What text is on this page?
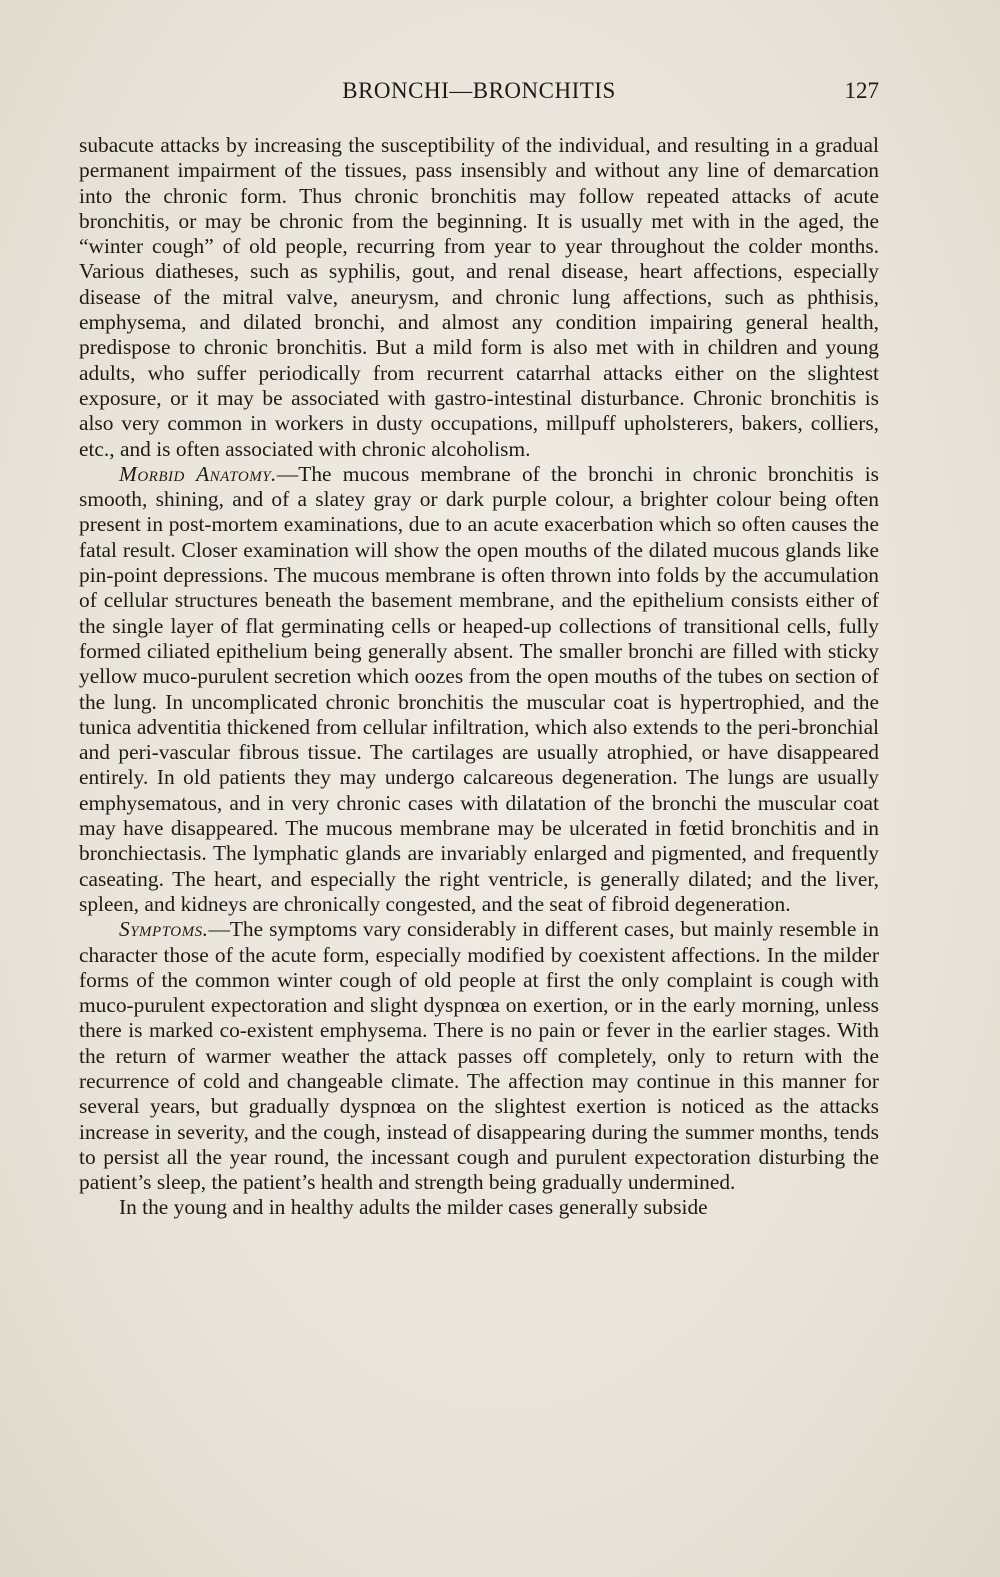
BRONCHI—BRONCHITIS	127

subacute attacks by increasing the susceptibility of the individual, and resulting in a gradual permanent impairment of the tissues, pass insensibly and without any line of demarcation into the chronic form. Thus chronic bronchitis may follow repeated attacks of acute bronchitis, or may be chronic from the beginning. It is usually met with in the aged, the “winter cough” of old people, recurring from year to year throughout the colder months. Various diatheses, such as syphilis, gout, and renal disease, heart affections, especially disease of the mitral valve, aneurysm, and chronic lung affections, such as phthisis, emphysema, and dilated bronchi, and almost any condition impairing general health, predispose to chronic bronchitis. But a mild form is also met with in children and young adults, who suffer periodically from recurrent catarrhal attacks either on the slightest exposure, or it may be associated with gastro-intestinal disturbance. Chronic bronchitis is also very common in workers in dusty occupations, millpuff upholsterers, bakers, colliers, etc., and is often associated with chronic alcoholism.

Morbid Anatomy.—The mucous membrane of the bronchi in chronic bronchitis is smooth, shining, and of a slatey gray or dark purple colour, a brighter colour being often present in post-mortem examinations, due to an acute exacerbation which so often causes the fatal result. Closer examination will show the open mouths of the dilated mucous glands like pin-point depressions. The mucous membrane is often thrown into folds by the accumulation of cellular structures beneath the basement membrane, and the epithelium consists either of the single layer of flat germinating cells or heaped-up collections of transitional cells, fully formed ciliated epithelium being generally absent. The smaller bronchi are filled with sticky yellow muco-purulent secretion which oozes from the open mouths of the tubes on section of the lung. In uncomplicated chronic bronchitis the muscular coat is hypertrophied, and the tunica adventitia thickened from cellular infiltration, which also extends to the peri-bronchial and peri-vascular fibrous tissue. The cartilages are usually atrophied, or have disappeared entirely. In old patients they may undergo calcareous degeneration. The lungs are usually emphysematous, and in very chronic cases with dilatation of the bronchi the muscular coat may have disappeared. The mucous membrane may be ulcerated in fœtid bronchitis and in bronchiectasis. The lymphatic glands are invariably enlarged and pigmented, and frequently caseating. The heart, and especially the right ventricle, is generally dilated; and the liver, spleen, and kidneys are chronically congested, and the seat of fibroid degeneration.

Symptoms.—The symptoms vary considerably in different cases, but mainly resemble in character those of the acute form, especially modified by coexistent affections. In the milder forms of the common winter cough of old people at first the only complaint is cough with muco-purulent expectoration and slight dyspnœa on exertion, or in the early morning, unless there is marked co-existent emphysema. There is no pain or fever in the earlier stages. With the return of warmer weather the attack passes off completely, only to return with the recurrence of cold and changeable climate. The affection may continue in this manner for several years, but gradually dyspnœa on the slightest exertion is noticed as the attacks increase in severity, and the cough, instead of disappearing during the summer months, tends to persist all the year round, the incessant cough and purulent expectoration disturbing the patient’s sleep, the patient’s health and strength being gradually undermined.

In the young and in healthy adults the milder cases generally subside
